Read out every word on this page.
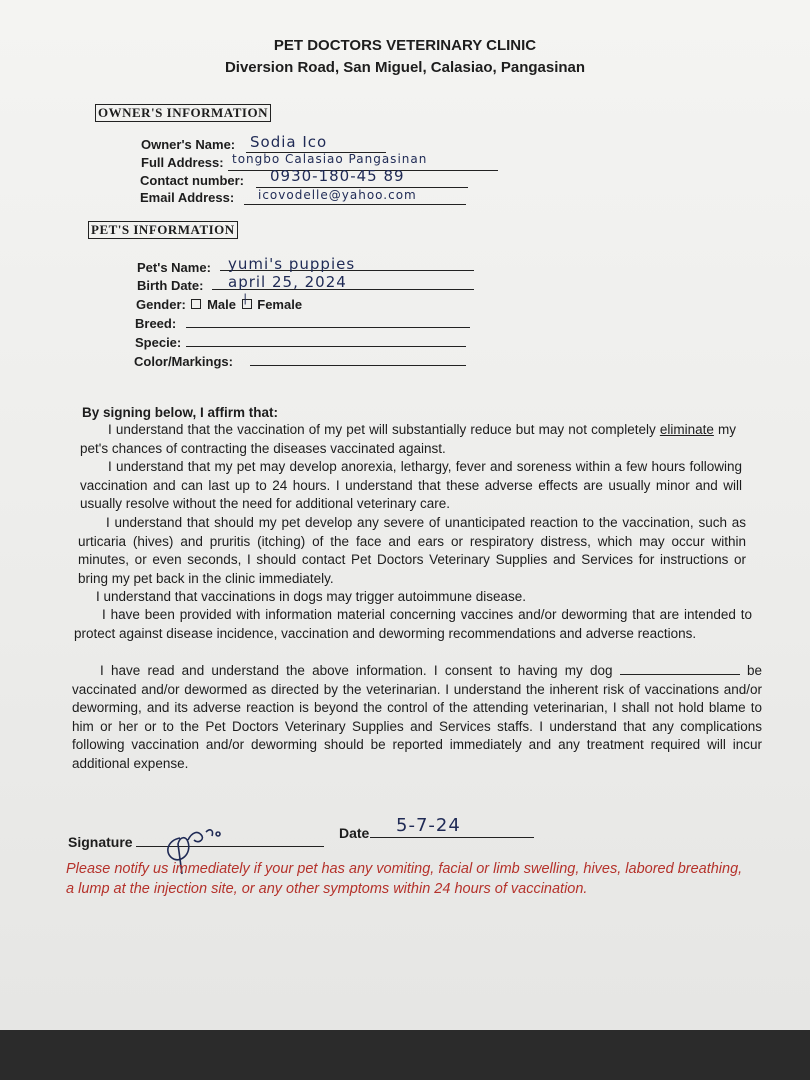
PET DOCTORS VETERINARY CLINIC
Diversion Road, San Miguel, Calasiao, Pangasinan
OWNER'S INFORMATION
Owner's Name: Sodia Ico
Full Address: tongbo Calasiao Pangasinan
Contact number: 0930-180-45 89
Email Address: icovodelle@yahoo.com
PET'S INFORMATION
Pet's Name: yumi's puppies
Birth Date: april 25, 2024
Gender: Male | Female
Breed:
Specie:
Color/Markings:
By signing below, I affirm that:

I understand that the vaccination of my pet will substantially reduce but may not completely eliminate my pet's chances of contracting the diseases vaccinated against.

I understand that my pet may develop anorexia, lethargy, fever and soreness within a few hours following vaccination and can last up to 24 hours. I understand that these adverse effects are usually minor and will usually resolve without the need for additional veterinary care.

I understand that should my pet develop any severe of unanticipated reaction to the vaccination, such as urticaria (hives) and pruritis (itching) of the face and ears or respiratory distress, which may occur within minutes, or even seconds, I should contact Pet Doctors Veterinary Supplies and Services for instructions or bring my pet back in the clinic immediately.

I understand that vaccinations in dogs may trigger autoimmune disease.

I have been provided with information material concerning vaccines and/or deworming that are intended to protect against disease incidence, vaccination and deworming recommendations and adverse reactions.

I have read and understand the above information. I consent to having my dog	be vaccinated and/or dewormed as directed by the veterinarian. I understand the inherent risk of vaccinations and/or deworming, and its adverse reaction is beyond the control of the attending veterinarian, I shall not hold blame to him or her or to the Pet Doctors Veterinary Supplies and Services staffs. I understand that any complications following vaccination and/or deworming should be reported immediately and any treatment required will incur additional expense.

Signature
Date 5-7-24
Please notify us immediately if your pet has any vomiting, facial or limb swelling, hives, labored breathing, a lump at the injection site, or any other symptoms within 24 hours of vaccination.
